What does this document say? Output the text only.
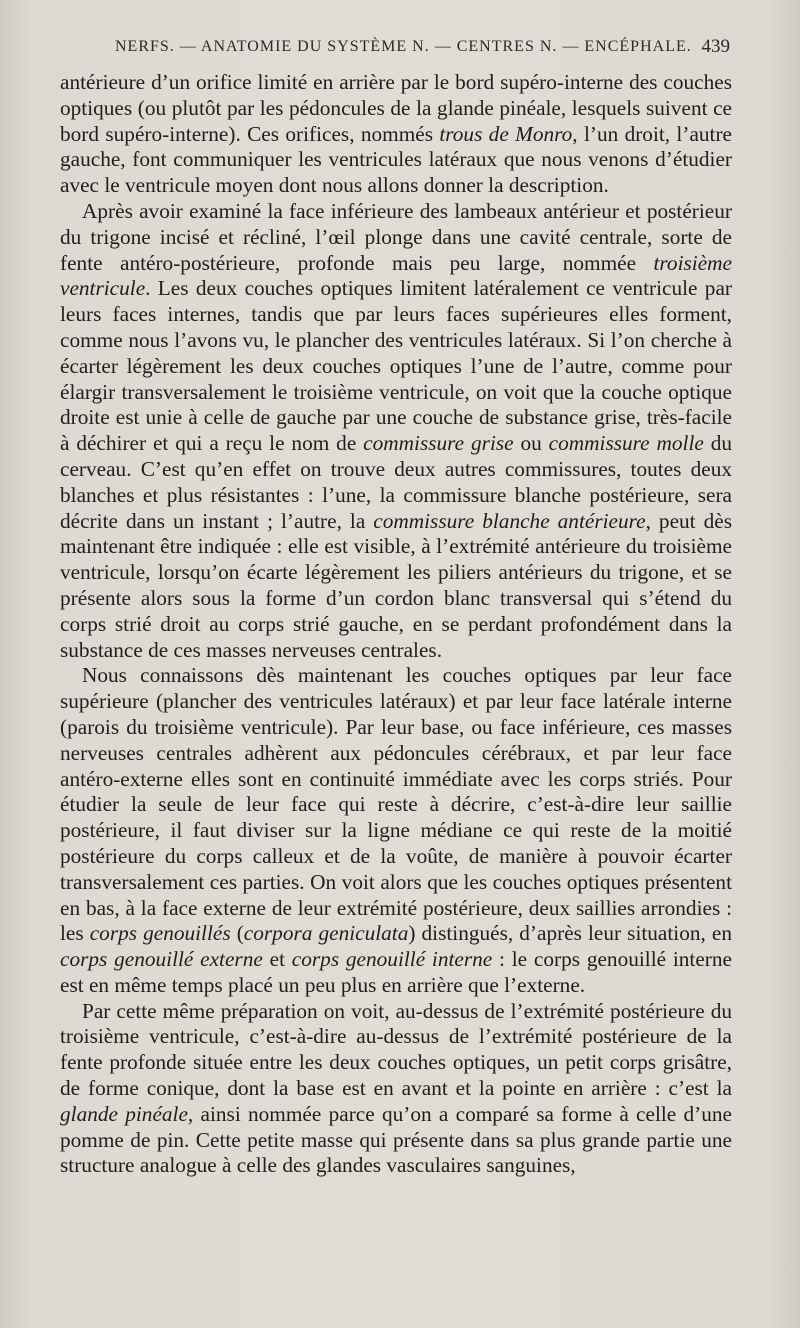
NERFS. — ANATOMIE DU SYSTÈME N. — CENTRES N. — ENCÉPHALE. 439

antérieure d’un orifice limité en arrière par le bord supéro-interne des couches optiques (ou plutôt par les pédoncules de la glande pinéale, lesquels suivent ce bord supéro-interne). Ces orifices, nommés trous de Monro, l’un droit, l’autre gauche, font communiquer les ventricules latéraux que nous venons d’étudier avec le ventricule moyen dont nous allons donner la description.

Après avoir examiné la face inférieure des lambeaux antérieur et postérieur du trigone incisé et récliné, l’œil plonge dans une cavité centrale, sorte de fente antéro-postérieure, profonde mais peu large, nommée troisième ventricule. Les deux couches optiques limitent latéralement ce ventricule par leurs faces internes, tandis que par leurs faces supérieures elles forment, comme nous l’avons vu, le plancher des ventricules latéraux. Si l’on cherche à écarter légèrement les deux couches optiques l’une de l’autre, comme pour élargir transversalement le troisième ventricule, on voit que la couche optique droite est unie à celle de gauche par une couche de substance grise, très-facile à déchirer et qui a reçu le nom de commissure grise ou commissure molle du cerveau. C’est qu’en effet on trouve deux autres commissures, toutes deux blanches et plus résistantes : l’une, la commissure blanche postérieure, sera décrite dans un instant ; l’autre, la commissure blanche antérieure, peut dès maintenant être indiquée : elle est visible, à l’extrémité antérieure du troisième ventricule, lorsqu’on écarte légèrement les piliers antérieurs du trigone, et se présente alors sous la forme d’un cordon blanc transversal qui s’étend du corps strié droit au corps strié gauche, en se perdant profondément dans la substance de ces masses nerveuses centrales.

Nous connaissons dès maintenant les couches optiques par leur face supérieure (plancher des ventricules latéraux) et par leur face latérale interne (parois du troisième ventricule). Par leur base, ou face inférieure, ces masses nerveuses centrales adhèrent aux pédoncules cérébraux, et par leur face antéro-externe elles sont en continuité immédiate avec les corps striés. Pour étudier la seule de leur face qui reste à décrire, c’est-à-dire leur saillie postérieure, il faut diviser sur la ligne médiane ce qui reste de la moitié postérieure du corps calleux et de la voûte, de manière à pouvoir écarter transversalement ces parties. On voit alors que les couches optiques présentent en bas, à la face externe de leur extrémité postérieure, deux saillies arrondies : les corps genouillés (corpora geniculata) distingués, d’après leur situation, en corps genouillé externe et corps genouillé interne : le corps genouillé interne est en même temps placé un peu plus en arrière que l’externe.

Par cette même préparation on voit, au-dessus de l’extrémité postérieure du troisième ventricule, c’est-à-dire au-dessus de l’extrémité postérieure de la fente profonde située entre les deux couches optiques, un petit corps grisâtre, de forme conique, dont la base est en avant et la pointe en arrière : c’est la glande pinéale, ainsi nommée parce qu’on a comparé sa forme à celle d’une pomme de pin. Cette petite masse qui présente dans sa plus grande partie une structure analogue à celle des glandes vasculaires sanguines,
